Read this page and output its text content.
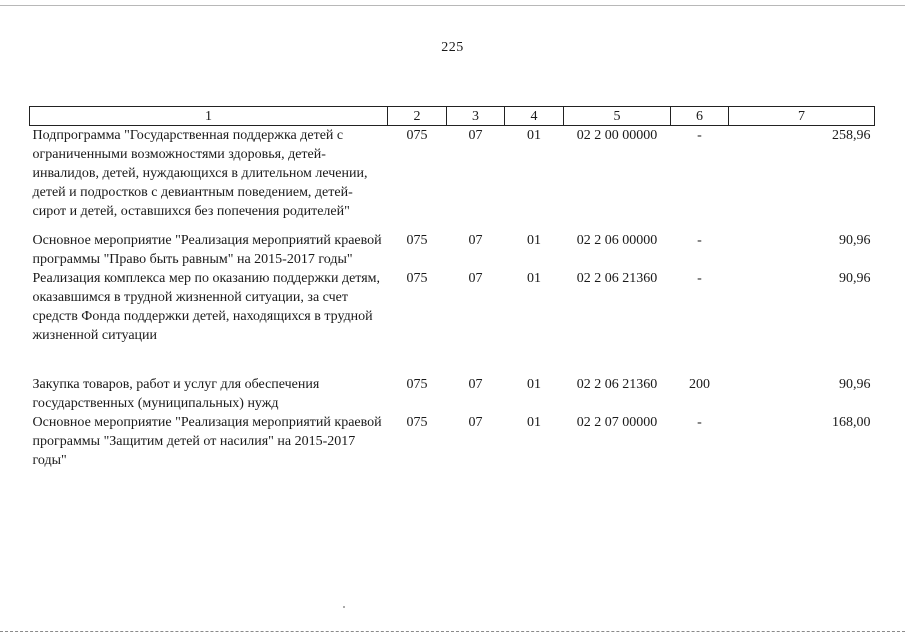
225
1	2	3	4	5	6	7
Подпрограмма "Государственная поддержка детей с ограниченными возможностями здоровья, детей-инвалидов, детей, нуждающихся в длительном лечении, детей и подростков с девиантным поведением, детей-сирот и детей, оставшихся без попечения родителей"	075	07	01	02 2 00 00000	-	258,96
Основное мероприятие "Реализация мероприятий краевой программы "Право быть равным" на 2015-2017 годы"	075	07	01	02 2 06 00000	-	90,96
Реализация комплекса мер по оказанию поддержки детям, оказавшимся в трудной жизненной ситуации, за счет средств Фонда поддержки детей, находящихся в трудной жизненной ситуации	075	07	01	02 2 06 21360	-	90,96
Закупка товаров, работ и услуг для обеспечения государственных (муниципальных) нужд	075	07	01	02 2 06 21360	200	90,96
Основное мероприятие "Реализация мероприятий краевой программы "Защитим детей от насилия" на 2015-2017 годы"	075	07	01	02 2 07 00000	-	168,00
